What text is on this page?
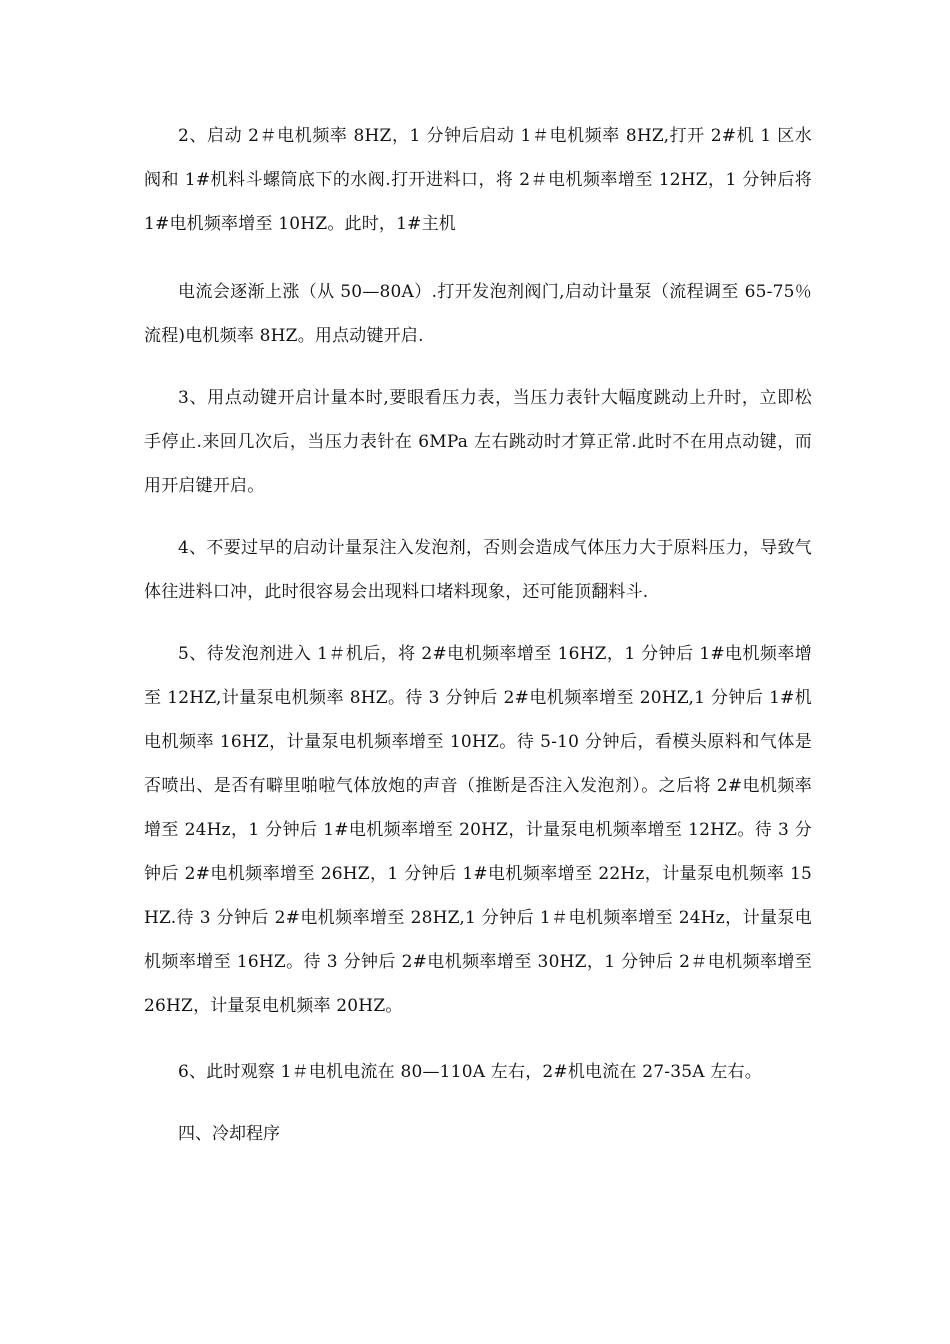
2、启动 2＃电机频率 8HZ，1 分钟后启动 1＃电机频率 8HZ,打开 2#机 1 区水阀和 1#机料斗螺筒底下的水阀.打开进料口，将 2＃电机频率增至 12HZ，1 分钟后将 1#电机频率增至 10HZ。此时，1#主机

电流会逐渐上涨（从 50—80A）.打开发泡剂阀门,启动计量泵（流程调至 65-75％流程)电机频率 8HZ。用点动键开启.

3、用点动键开启计量本时,要眼看压力表，当压力表针大幅度跳动上升时，立即松手停止.来回几次后，当压力表针在 6MPa 左右跳动时才算正常.此时不在用点动键，而用开启键开启。

4、不要过早的启动计量泵注入发泡剂，否则会造成气体压力大于原料压力，导致气体往进料口冲，此时很容易会出现料口堵料现象，还可能顶翻料斗.

5、待发泡剂进入 1＃机后，将 2#电机频率增至 16HZ，1 分钟后 1#电机频率增至 12HZ,计量泵电机频率 8HZ。待 3 分钟后 2#电机频率增至 20HZ,1 分钟后 1#机电机频率 16HZ，计量泵电机频率增至 10HZ。待 5-10 分钟后，看模头原料和气体是否喷出、是否有噼里啪啦气体放炮的声音（推断是否注入发泡剂）。之后将 2#电机频率增至 24Hz，1 分钟后 1#电机频率增至 20HZ，计量泵电机频率增至 12HZ。待 3 分钟后 2#电机频率增至 26HZ，1 分钟后 1#电机频率增至 22Hz，计量泵电机频率 15HZ.待 3 分钟后 2#电机频率增至 28HZ,1 分钟后 1＃电机频率增至 24Hz，计量泵电机频率增至 16HZ。待 3 分钟后 2#电机频率增至 30HZ，1 分钟后 2＃电机频率增至 26HZ，计量泵电机频率 20HZ。

6、此时观察 1＃电机电流在 80—110A 左右，2#机电流在 27-35A 左右。

四、冷却程序
